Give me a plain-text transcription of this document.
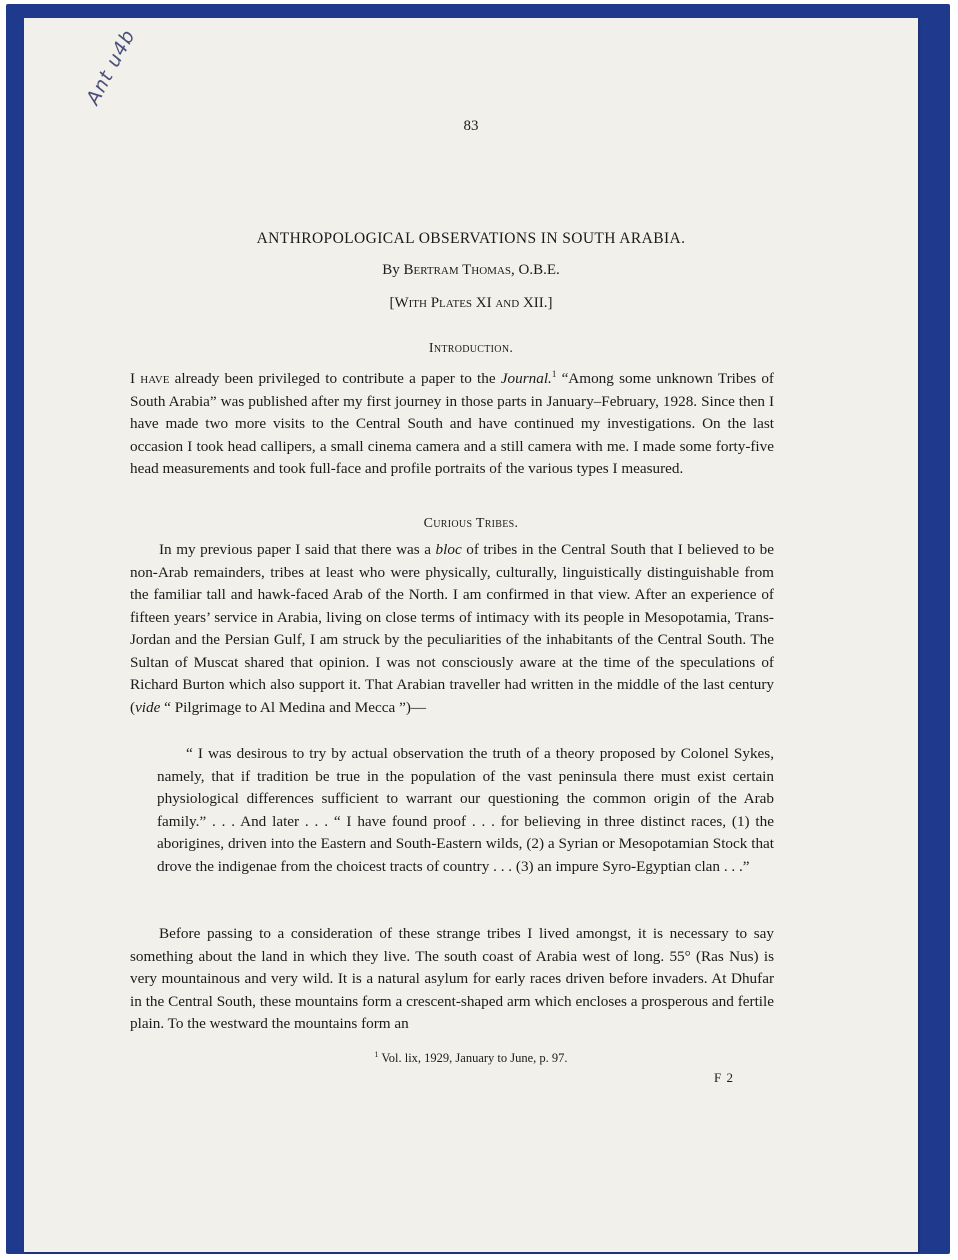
Ant u4b
83
ANTHROPOLOGICAL OBSERVATIONS IN SOUTH ARABIA.
By Bertram Thomas, O.B.E.
[With Plates XI and XII.]
Introduction.

I have already been privileged to contribute a paper to the Journal.$^1$ “Among some unknown Tribes of South Arabia” was published after my first journey in those parts in January–February, 1928. Since then I have made two more visits to the Central South and have continued my investigations. On the last occasion I took head callipers, a small cinema camera and a still camera with me. I made some forty-five head measurements and took full-face and profile portraits of the various types I measured.

Curious Tribes.

In my previous paper I said that there was a bloc of tribes in the Central South that I believed to be non-Arab remainders, tribes at least who were physically, culturally, linguistically distinguishable from the familiar tall and hawk-faced Arab of the North. I am confirmed in that view. After an experience of fifteen years’ service in Arabia, living on close terms of intimacy with its people in Mesopotamia, Trans-Jordan and the Persian Gulf, I am struck by the peculiarities of the inhabitants of the Central South. The Sultan of Muscat shared that opinion. I was not consciously aware at the time of the speculations of Richard Burton which also support it. That Arabian traveller had written in the middle of the last century (vide “ Pilgrimage to Al Medina and Mecca ”)—

“ I was desirous to try by actual observation the truth of a theory proposed by Colonel Sykes, namely, that if tradition be true in the population of the vast peninsula there must exist certain physiological differences sufficient to warrant our questioning the common origin of the Arab family.” . . . And later . . . “ I have found proof . . . for believing in three distinct races, (1) the aborigines, driven into the Eastern and South-Eastern wilds, (2) a Syrian or Mesopotamian Stock that drove the indigenae from the choicest tracts of country . . . (3) an impure Syro-Egyptian clan . . .”

Before passing to a consideration of these strange tribes I lived amongst, it is necessary to say something about the land in which they live. The south coast of Arabia west of long. 55° (Ras Nus) is very mountainous and very wild. It is a natural asylum for early races driven before invaders. At Dhufar in the Central South, these mountains form a crescent-shaped arm which encloses a prosperous and fertile plain. To the westward the mountains form an

$^1$ Vol. lix, 1929, January to June, p. 97.
F 2
